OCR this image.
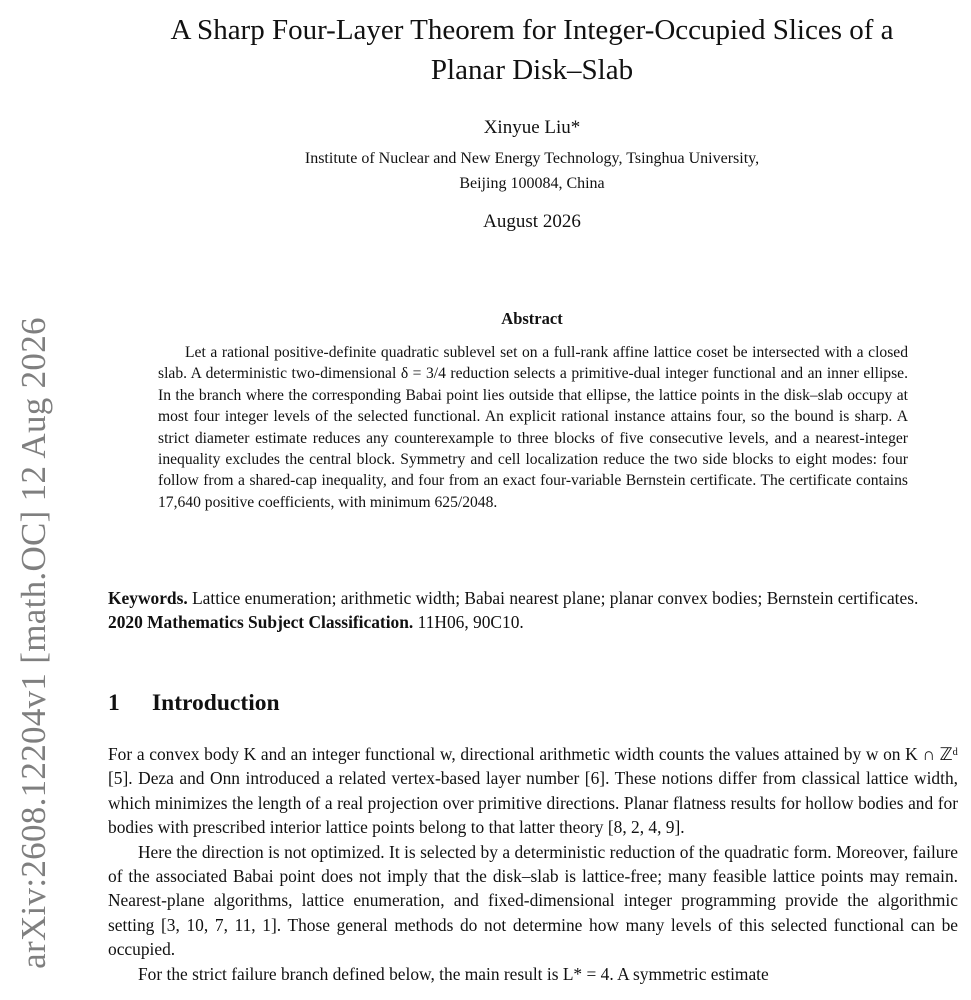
arXiv:2608.12204v1 [math.OC] 12 Aug 2026
A Sharp Four-Layer Theorem for Integer-Occupied Slices of a
Planar Disk–Slab
Xinyue Liu*
Institute of Nuclear and New Energy Technology, Tsinghua University,
Beijing 100084, China
August 2026
Abstract
Let a rational positive-definite quadratic sublevel set on a full-rank affine lattice coset be intersected with a closed slab. A deterministic two-dimensional δ = 3/4 reduction selects a primitive-dual integer functional and an inner ellipse. In the branch where the corresponding Babai point lies outside that ellipse, the lattice points in the disk–slab occupy at most four integer levels of the selected functional. An explicit rational instance attains four, so the bound is sharp. A strict diameter estimate reduces any counterexample to three blocks of five consecutive levels, and a nearest-integer inequality excludes the central block. Symmetry and cell localization reduce the two side blocks to eight modes: four follow from a shared-cap inequality, and four from an exact four-variable Bernstein certificate. The certificate contains 17,640 positive coefficients, with minimum 625/2048.
Keywords. Lattice enumeration; arithmetic width; Babai nearest plane; planar convex bodies; Bernstein certificates.
2020 Mathematics Subject Classification. 11H06, 90C10.
1 Introduction

For a convex body K and an integer functional w, directional arithmetic width counts the values attained by w on K ∩ ℤᵈ [5]. Deza and Onn introduced a related vertex-based layer number [6]. These notions differ from classical lattice width, which minimizes the length of a real projection over primitive directions. Planar flatness results for hollow bodies and for bodies with prescribed interior lattice points belong to that latter theory [8, 2, 4, 9].

Here the direction is not optimized. It is selected by a deterministic reduction of the quadratic form. Moreover, failure of the associated Babai point does not imply that the disk–slab is lattice-free; many feasible lattice points may remain. Nearest-plane algorithms, lattice enumeration, and fixed-dimensional integer programming provide the algorithmic setting [3, 10, 7, 11, 1]. Those general methods do not determine how many levels of this selected functional can be occupied.

For the strict failure branch defined below, the main result is L* = 4. A symmetric estimate
